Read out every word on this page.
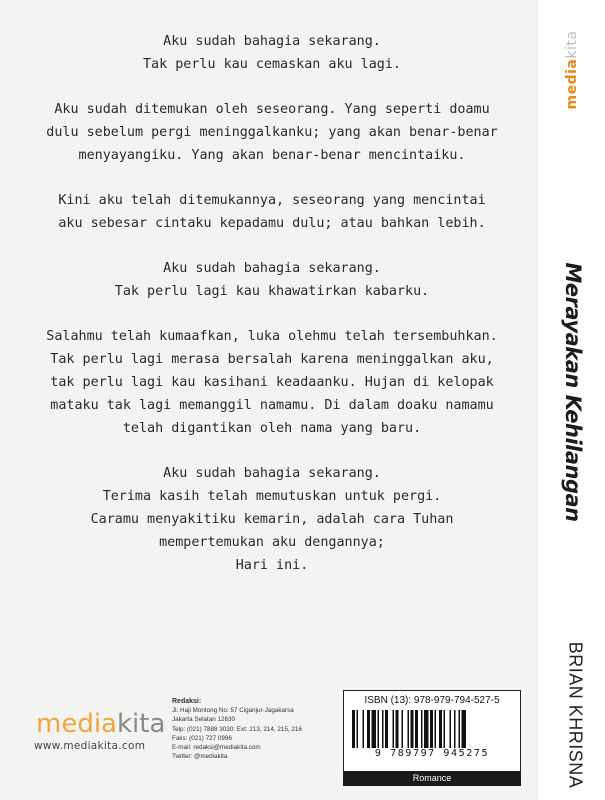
Aku sudah bahagia sekarang.
Tak perlu kau cemaskan aku lagi.
Aku sudah ditemukan oleh seseorang. Yang seperti doamu
dulu sebelum pergi meninggalkanku; yang akan benar-benar
menyayangiku. Yang akan benar-benar mencintaiku.
Kini aku telah ditemukannya, seseorang yang mencintai
aku sebesar cintaku kepadamu dulu; atau bahkan lebih.
Aku sudah bahagia sekarang.
Tak perlu lagi kau khawatirkan kabarku.
Salahmu telah kumaafkan, luka olehmu telah tersembuhkan.
Tak perlu lagi merasa bersalah karena meninggalkan aku,
tak perlu lagi kau kasihani keadaanku. Hujan di kelopak
mataku tak lagi memanggil namamu. Di dalam doaku namamu
telah digantikan oleh nama yang baru.
Aku sudah bahagia sekarang.
Terima kasih telah memutuskan untuk pergi.
Caramu menyakitiku kemarin, adalah cara Tuhan
mempertemukan aku dengannya;
Hari ini.
mediakita
Merayakan Kehilangan
BRIAN KHRISNA
mediakita
www.mediakita.com
Redaksi:
Jl. Haji Montong No. 57 Ciganjur-Jagakarsa
Jakarta Selatan 12630
Telp: (021) 7888 3030; Ext: 213, 214, 215, 216
Faks: (021) 727 0996
E-mail: redaksi@mediakita.com
Twitter: @mediakita
ISBN (13): 978-979-794-527-5
9 789797 945275
Romance
